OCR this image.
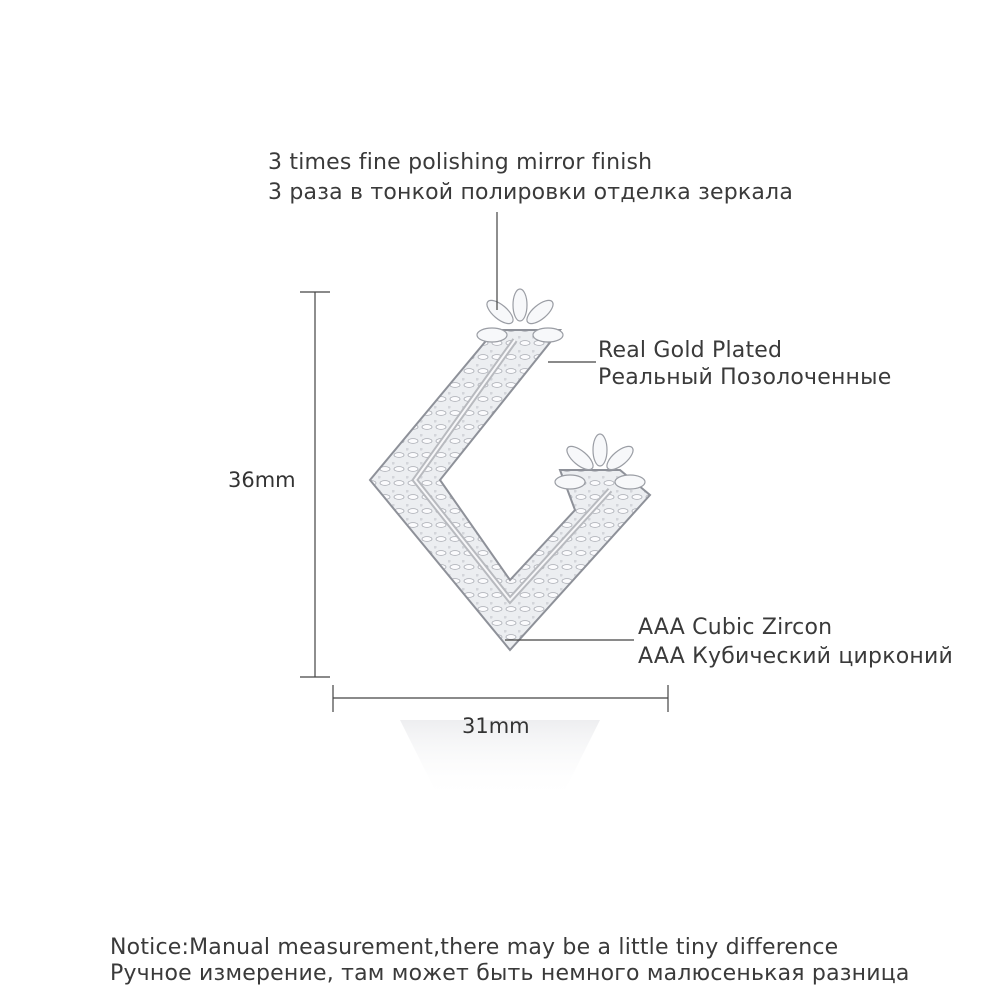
3 times fine polishing mirror finish
3 раза в тонкой полировки отделка зеркала
Real Gold Plated
Реальный Позолоченные
AAA Cubic Zircon
AAA Кубический цирконий
36mm
31mm
Notice:Manual measurement,there may be a little tiny difference
Ручное измерение, там может быть немного малюсенькая разница
